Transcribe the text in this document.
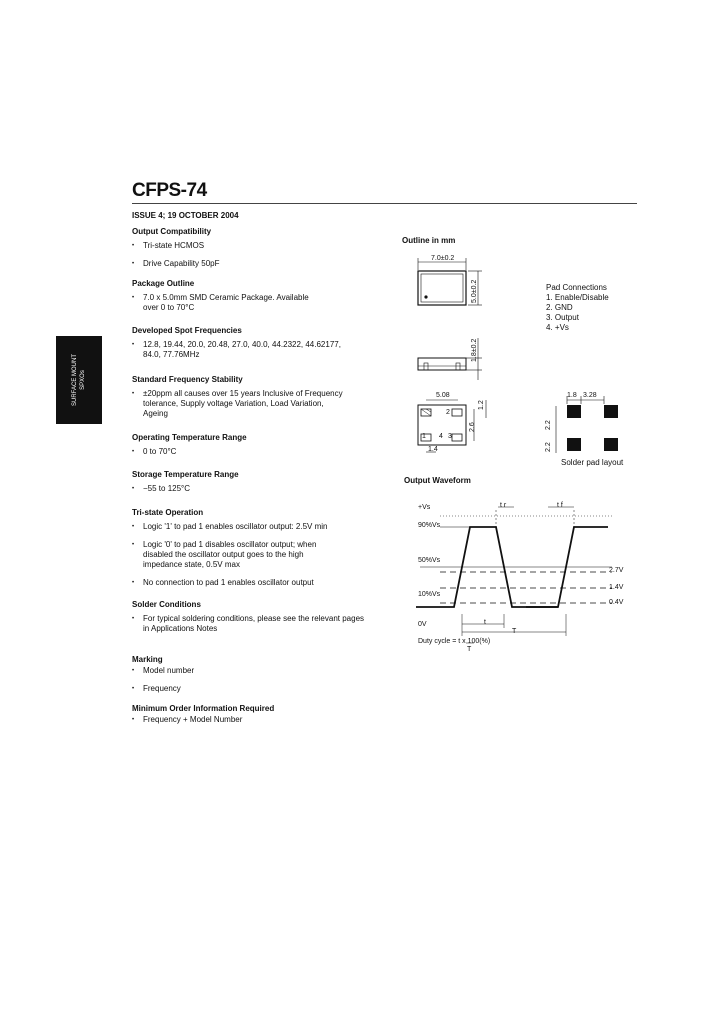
CFPS-74
ISSUE 4; 19 OCTOBER 2004
SURFACE MOUNT SPXOs
Output Compatibility
• Tri-state HCMOS
• Drive Capability 50pF
Package Outline
• 7.0 x 5.0mm SMD Ceramic Package. Available over 0 to 70°C
Developed Spot Frequencies
• 12.8, 19.44, 20.0, 20.48, 27.0, 40.0, 44.2322, 44.62177, 84.0, 77.76MHz
Standard Frequency Stability
• ±20ppm all causes over 15 years Inclusive of Frequency tolerance, Supply voltage Variation, Load Variation, Ageing
Operating Temperature Range
• 0 to 70°C
Storage Temperature Range
• −55 to 125°C
Tri-state Operation
• Logic '1' to pad 1 enables oscillator output: 2.5V min
• Logic '0' to pad 1 disables oscillator output; when disabled the oscillator output goes to the high impedance state, 0.5V max
• No connection to pad 1 enables oscillator output
Solder Conditions
• For typical soldering conditions, please see the relevant pages in Applications Notes
Marking
• Model number
• Frequency
Minimum Order Information Required
• Frequency + Model Number
Outline in mm
7.0±0.2
5.0±0.2
1.8±0.2
5.08
1.2
2.6
1.4
2
4 3
1
Pad Connections
1. Enable/Disable
2. GND
3. Output
4. +Vs
1.8 3.28
2.2
2.2
Solder pad layout
Output Waveform
+Vs
90%Vs
50%Vs
10%Vs
0V
2.7V
1.4V
0.4V
t r	t f
t
T
Duty cycle = t x 100(%)
T
